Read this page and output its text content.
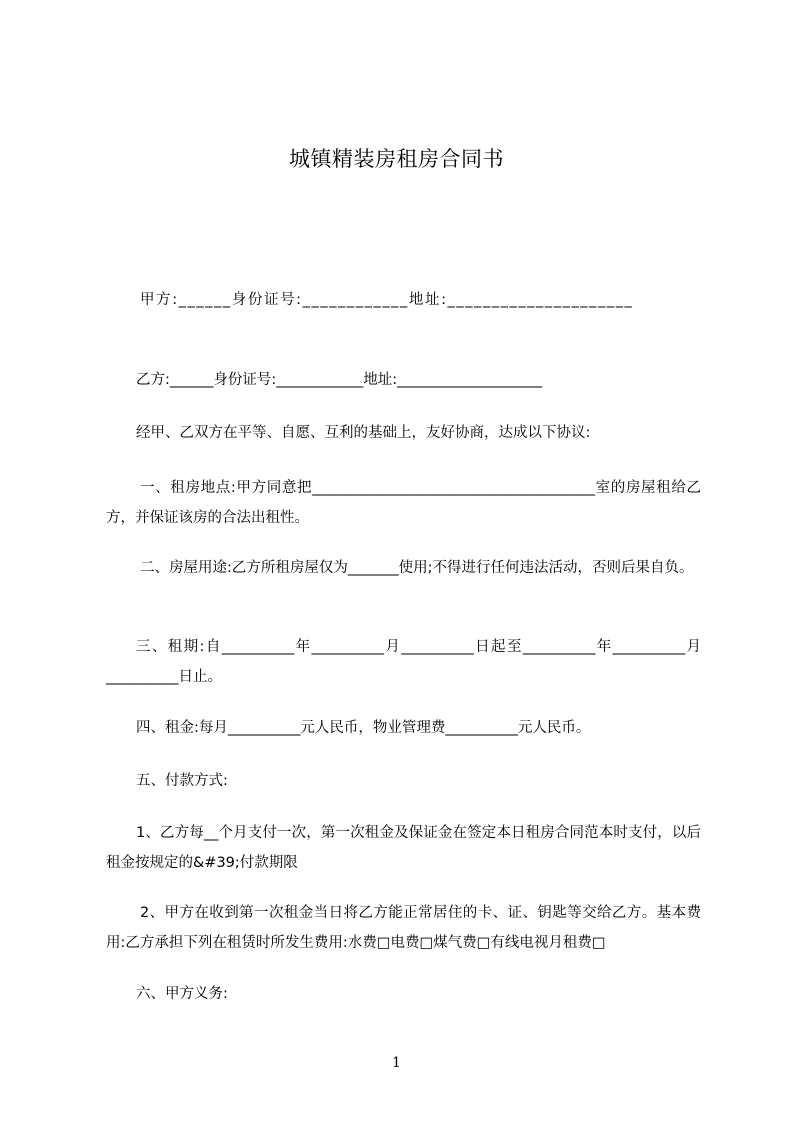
城镇精装房租房合同书
甲方:______身份证号:____________地址:_____________________
乙方:______身份证号:____________地址:____________________
经甲、乙双方在平等、自愿、互利的基础上，友好协商，达成以下协议:
一、租房地点:甲方同意把_______________________________________室的房屋租给乙方，并保证该房的合法出租性。
二、房屋用途:乙方所租房屋仅为_______使用;不得进行任何违法活动，否则后果自负。
三、租期:自__________年__________月__________日起至__________年__________月__________日止。
四、租金:每月__________元人民币，物业管理费__________元人民币。
五、付款方式:
1、乙方每__个月支付一次，第一次租金及保证金在签定本日租房合同范本时支付，以后租金按规定的&#39;付款期限
2、甲方在收到第一次租金当日将乙方能正常居住的卡、证、钥匙等交给乙方。基本费用:乙方承担下列在租赁时所发生费用:水费□电费□煤气费□有线电视月租费□
六、甲方义务:
1
